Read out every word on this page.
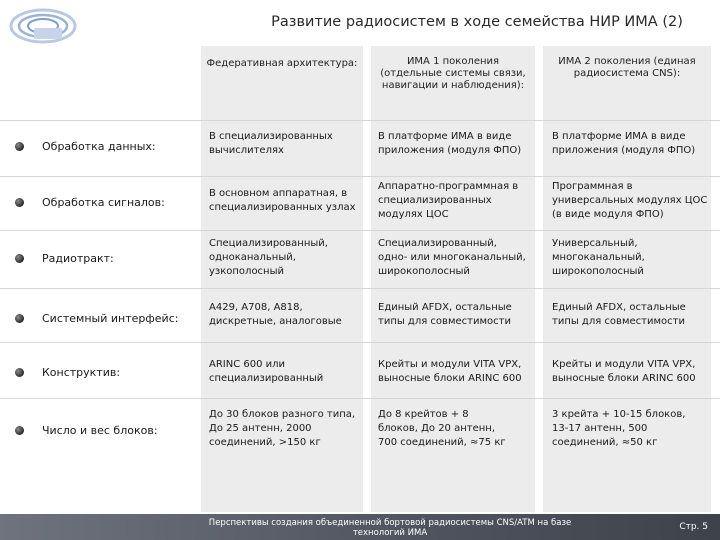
Развитие радиосистем в ходе семейства НИР ИМА (2)
Федеративная архитектура:	ИМА 1 поколения (отдельные системы связи, навигации и наблюдения):
ИМА 2 поколения (единая радиосистема CNS):
Обработка данных:
В специализированных вычислителях
В платформе ИМА в виде приложения (модуля ФПО)
В платформе ИМА в виде приложения (модуля ФПО)
Обработка сигналов:
В основном аппаратная, в специализированных узлах
Аппаратно-программная в специализированных модулях ЦОС
Программная в универсальных модулях ЦОС (в виде модуля ФПО)
Радиотракт:
Специализированный, одноканальный, узкополосный
Специализированный, одно- или многоканальный, широкополосный
Универсальный, многоканальный, широкополосный
Системный интерфейс:
A429, A708, A818, дискретные, аналоговые
Единый AFDX, остальные типы для совместимости
Единый AFDX, остальные типы для совместимости
Конструктив:
ARINC 600 или специализированный
Крейты и модули VITA VPX, выносные блоки ARINC 600
Крейты и модули VITA VPX, выносные блоки ARINC 600
Число и вес блоков:
До 30 блоков разного типа, До 25 антенн, 2000 соединений, >150 кг
До 8 крейтов + 8 блоков, До 20 антенн, 700 соединений, ≈75 кг
3 крейта + 10-15 блоков, 13-17 антенн, 500 соединений, ≈50 кг
Перспективы создания объединенной бортовой радиосистемы CNS/ATM на базе технологий ИМА
Стр. 5
